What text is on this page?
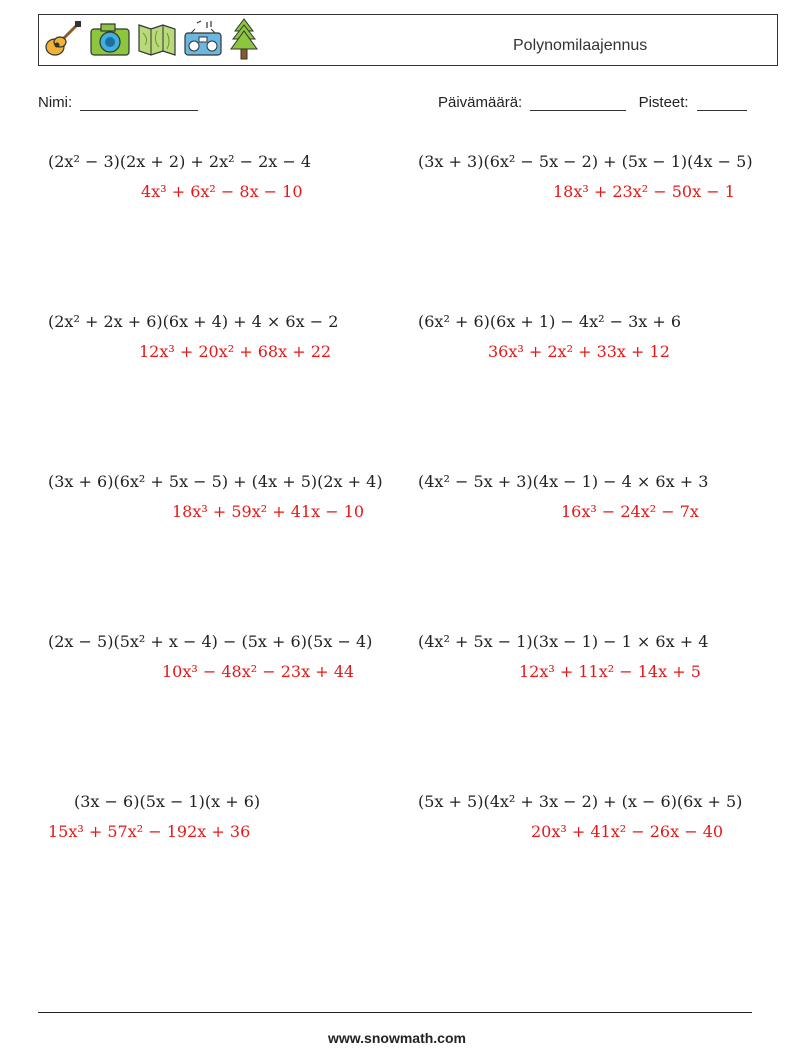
Polynomilaajennus
Nimi:	Päivämäärä:	Pisteet:
(2x² − 3)(2x + 2) + 2x² − 2x − 4
4x³ + 6x² − 8x − 10
(2x² + 2x + 6)(6x + 4) + 4 × 6x − 2
12x³ + 20x² + 68x + 22
(3x + 6)(6x² + 5x − 5) + (4x + 5)(2x + 4)
18x³ + 59x² + 41x − 10
(2x − 5)(5x² + x − 4) − (5x + 6)(5x − 4)
10x³ − 48x² − 23x + 44
(3x − 6)(5x − 1)(x + 6)
15x³ + 57x² − 192x + 36
(3x + 3)(6x² − 5x − 2) + (5x − 1)(4x − 5)
18x³ + 23x² − 50x − 1
(6x² + 6)(6x + 1) − 4x² − 3x + 6
36x³ + 2x² + 33x + 12
(4x² − 5x + 3)(4x − 1) − 4 × 6x + 3
16x³ − 24x² − 7x
(4x² + 5x − 1)(3x − 1) − 1 × 6x + 4
12x³ + 11x² − 14x + 5
(5x + 5)(4x² + 3x − 2) + (x − 6)(6x + 5)
20x³ + 41x² − 26x − 40
www.snowmath.com
